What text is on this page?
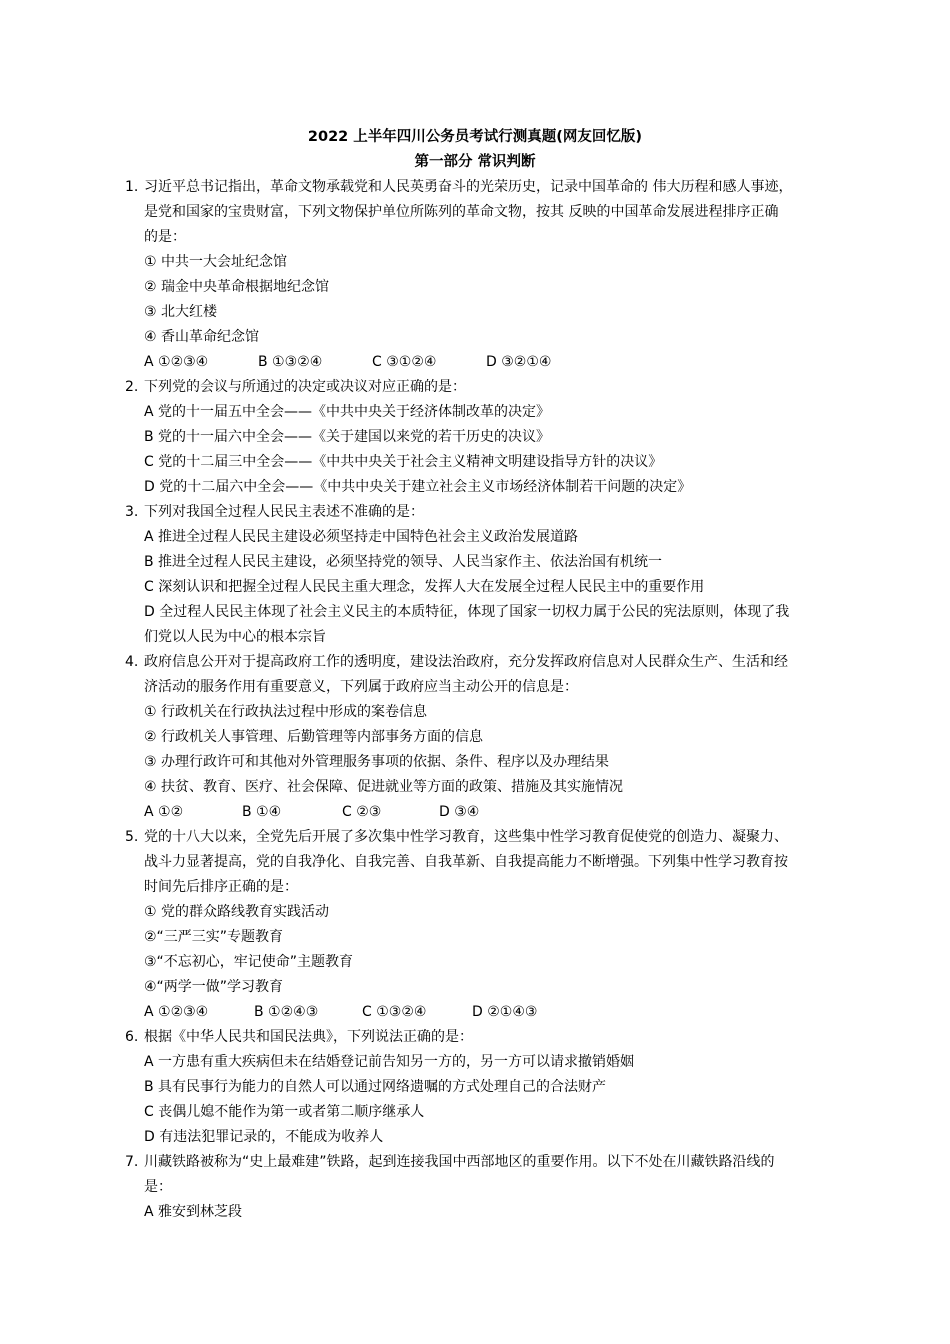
2022 上半年四川公务员考试行测真题(网友回忆版)
第一部分 常识判断
1. 习近平总书记指出，革命文物承载党和人民英勇奋斗的光荣历史，记录中国革命的 伟大历程和感人事迹，
是党和国家的宝贵财富，下列文物保护单位所陈列的革命文物，按其 反映的中国革命发展进程排序正确
的是：
① 中共一大会址纪念馆
② 瑞金中央革命根据地纪念馆
③ 北大红楼
④ 香山革命纪念馆
A ①②③④	B ①③②④	C ③①②④	D ③②①④
2. 下列党的会议与所通过的决定或决议对应正确的是：
A 党的十一届五中全会——《中共中央关于经济体制改革的决定》
B 党的十一届六中全会——《关于建国以来党的若干历史的决议》
C 党的十二届三中全会——《中共中央关于社会主义精神文明建设指导方针的决议》
D 党的十二届六中全会——《中共中央关于建立社会主义市场经济体制若干问题的决定》
3. 下列对我国全过程人民民主表述不准确的是：
A 推进全过程人民民主建设必须坚持走中国特色社会主义政治发展道路
B 推进全过程人民民主建设，必须坚持党的领导、人民当家作主、依法治国有机统一
C 深刻认识和把握全过程人民民主重大理念，发挥人大在发展全过程人民民主中的重要作用
D 全过程人民民主体现了社会主义民主的本质特征，体现了国家一切权力属于公民的宪法原则，体现了我
们党以人民为中心的根本宗旨
4. 政府信息公开对于提高政府工作的透明度，建设法治政府，充分发挥政府信息对人民群众生产、生活和经
济活动的服务作用有重要意义，下列属于政府应当主动公开的信息是：
① 行政机关在行政执法过程中形成的案卷信息
② 行政机关人事管理、后勤管理等内部事务方面的信息
③ 办理行政许可和其他对外管理服务事项的依据、条件、程序以及办理结果
④ 扶贫、教育、医疗、社会保障、促进就业等方面的政策、措施及其实施情况
A ①②	B ①④	C ②③	D ③④
5. 党的十八大以来，全党先后开展了多次集中性学习教育，这些集中性学习教育促使党的创造力、凝聚力、
战斗力显著提高，党的自我净化、自我完善、自我革新、自我提高能力不断增强。下列集中性学习教育按
时间先后排序正确的是：
① 党的群众路线教育实践活动
②“三严三实”专题教育
③“不忘初心，牢记使命”主题教育
④“两学一做”学习教育
A ①②③④	B ①②④③	C ①③②④	D ②①④③
6. 根据《中华人民共和国民法典》，下列说法正确的是：
A 一方患有重大疾病但未在结婚登记前告知另一方的，另一方可以请求撤销婚姻
B 具有民事行为能力的自然人可以通过网络遗嘱的方式处理自己的合法财产
C 丧偶儿媳不能作为第一或者第二顺序继承人
D 有违法犯罪记录的，不能成为收养人
7. 川藏铁路被称为“史上最难建”铁路，起到连接我国中西部地区的重要作用。以下不处在川藏铁路沿线的
是：
A 雅安到林芝段
